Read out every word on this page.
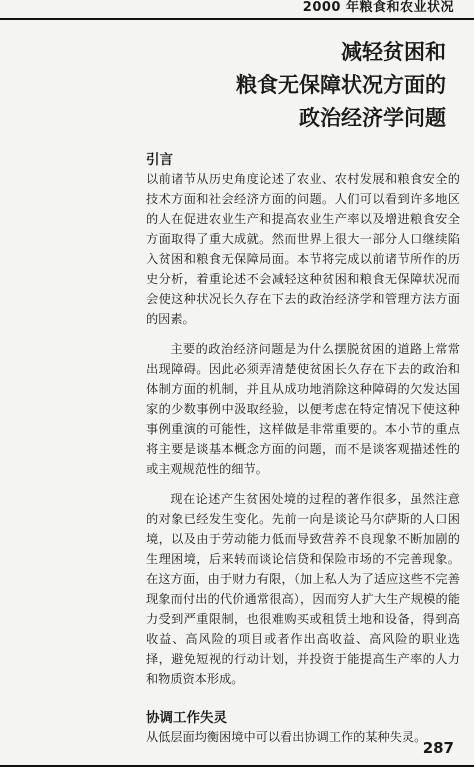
2000 年粮食和农业状况
减轻贫困和
粮食无保障状况方面的
政治经济学问题
引言

以前诸节从历史角度论述了农业、农村发展和粮食安全的技术方面和社会经济方面的问题。人们可以看到许多地区的人在促进农业生产和提高农业生产率以及增进粮食安全方面取得了重大成就。然而世界上很大一部分人口继续陷入贫困和粮食无保障局面。本节将完成以前诸节所作的历史分析，着重论述不会减轻这种贫困和粮食无保障状况而会使这种状况长久存在下去的政治经济学和管理方法方面的因素。

主要的政治经济问题是为什么摆脱贫困的道路上常常出现障碍。因此必须弄清楚使贫困长久存在下去的政治和体制方面的机制，并且从成功地消除这种障碍的欠发达国家的少数事例中汲取经验，以便考虑在特定情况下使这种事例重演的可能性，这样做是非常重要的。本小节的重点将主要是谈基本概念方面的问题，而不是谈客观描述性的或主观规范性的细节。

现在论述产生贫困处境的过程的著作很多，虽然注意的对象已经发生变化。先前一向是谈论马尔萨斯的人口困境，以及由于劳动能力低而导致营养不良现象不断加剧的生理困境，后来转而谈论信贷和保险市场的不完善现象。在这方面，由于财力有限，（加上私人为了适应这些不完善现象而付出的代价通常很高），因而穷人扩大生产规模的能力受到严重限制，也很难购买或租赁土地和设备，得到高收益、高风险的项目或者作出高收益、高风险的职业选择，避免短视的行动计划，并投资于能提高生产率的人力和物质资本形成。

协调工作失灵

从低层面均衡困境中可以看出协调工作的某种失灵。

287
